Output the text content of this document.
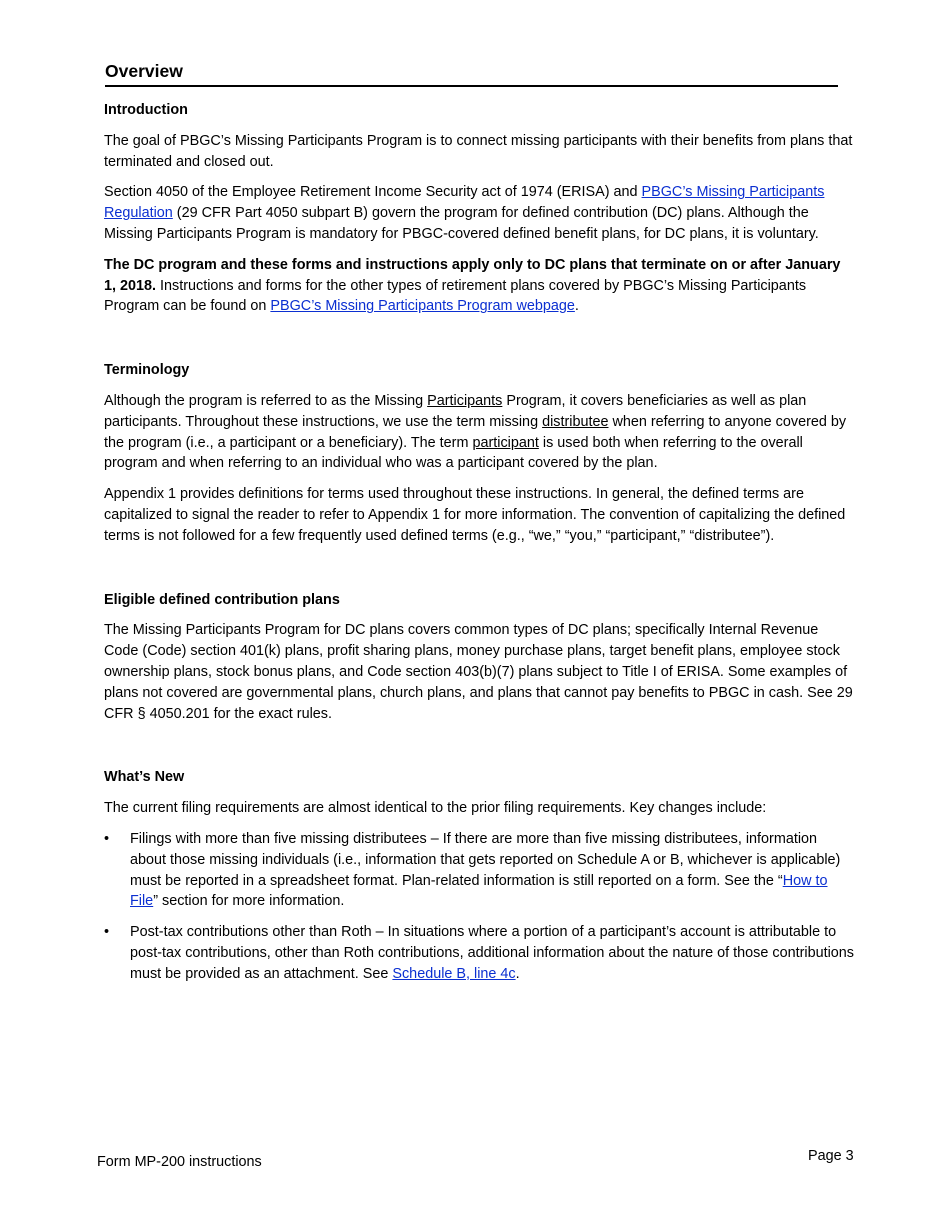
Overview
Introduction

The goal of PBGC’s Missing Participants Program is to connect missing participants with their benefits from plans that terminated and closed out.

Section 4050 of the Employee Retirement Income Security act of 1974 (ERISA) and PBGC’s Missing Participants Regulation (29 CFR Part 4050 subpart B) govern the program for defined contribution (DC) plans. Although the Missing Participants Program is mandatory for PBGC-covered defined benefit plans, for DC plans, it is voluntary.

The DC program and these forms and instructions apply only to DC plans that terminate on or after January 1, 2018. Instructions and forms for the other types of retirement plans covered by PBGC’s Missing Participants Program can be found on PBGC’s Missing Participants Program webpage.

Terminology

Although the program is referred to as the Missing Participants Program, it covers beneficiaries as well as plan participants. Throughout these instructions, we use the term missing distributee when referring to anyone covered by the program (i.e., a participant or a beneficiary). The term participant is used both when referring to the overall program and when referring to an individual who was a participant covered by the plan.

Appendix 1 provides definitions for terms used throughout these instructions. In general, the defined terms are capitalized to signal the reader to refer to Appendix 1 for more information. The convention of capitalizing the defined terms is not followed for a few frequently used defined terms (e.g., “we,” “you,” “participant,” “distributee”).

Eligible defined contribution plans

The Missing Participants Program for DC plans covers common types of DC plans; specifically Internal Revenue Code (Code) section 401(k) plans, profit sharing plans, money purchase plans, target benefit plans, employee stock ownership plans, stock bonus plans, and Code section 403(b)(7) plans subject to Title I of ERISA. Some examples of plans not covered are governmental plans, church plans, and plans that cannot pay benefits to PBGC in cash. See 29 CFR § 4050.201 for the exact rules.

What’s New

The current filing requirements are almost identical to the prior filing requirements. Key changes include:

• Filings with more than five missing distributees – If there are more than five missing distributees, information about those missing individuals (i.e., information that gets reported on Schedule A or B, whichever is applicable) must be reported in a spreadsheet format. Plan-related information is still reported on a form. See the “How to File” section for more information.
• Post-tax contributions other than Roth – In situations where a portion of a participant’s account is attributable to post-tax contributions, other than Roth contributions, additional information about the nature of those contributions must be provided as an attachment. See Schedule B, line 4c.
Form MP-200 instructions	Page 3
